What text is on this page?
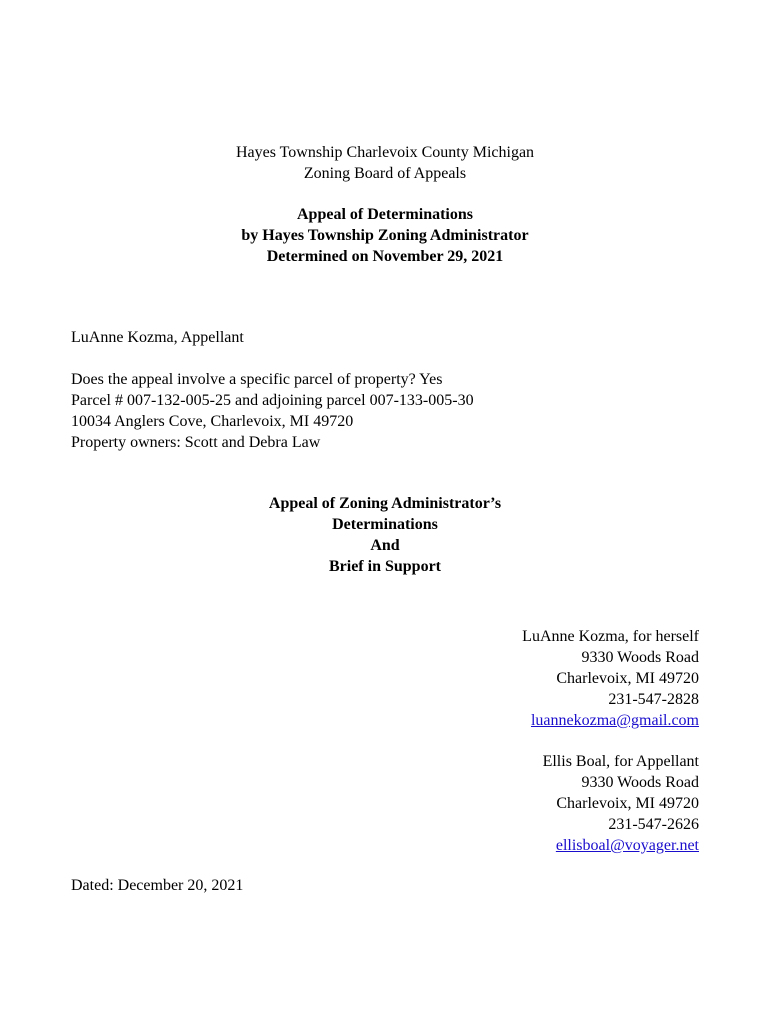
Hayes Township Charlevoix County Michigan
Zoning Board of Appeals
Appeal of Determinations
by Hayes Township Zoning Administrator
Determined on November 29, 2021
LuAnne Kozma, Appellant
Does the appeal involve a specific parcel of property? Yes
Parcel # 007-132-005-25 and adjoining parcel 007-133-005-30
10034 Anglers Cove, Charlevoix, MI 49720
Property owners: Scott and Debra Law
Appeal of Zoning Administrator’s
Determinations
And
Brief in Support
LuAnne Kozma, for herself
9330 Woods Road
Charlevoix, MI 49720
231-547-2828
luannekozma@gmail.com
Ellis Boal, for Appellant
9330 Woods Road
Charlevoix, MI 49720
231-547-2626
ellisboal@voyager.net
Dated: December 20, 2021
